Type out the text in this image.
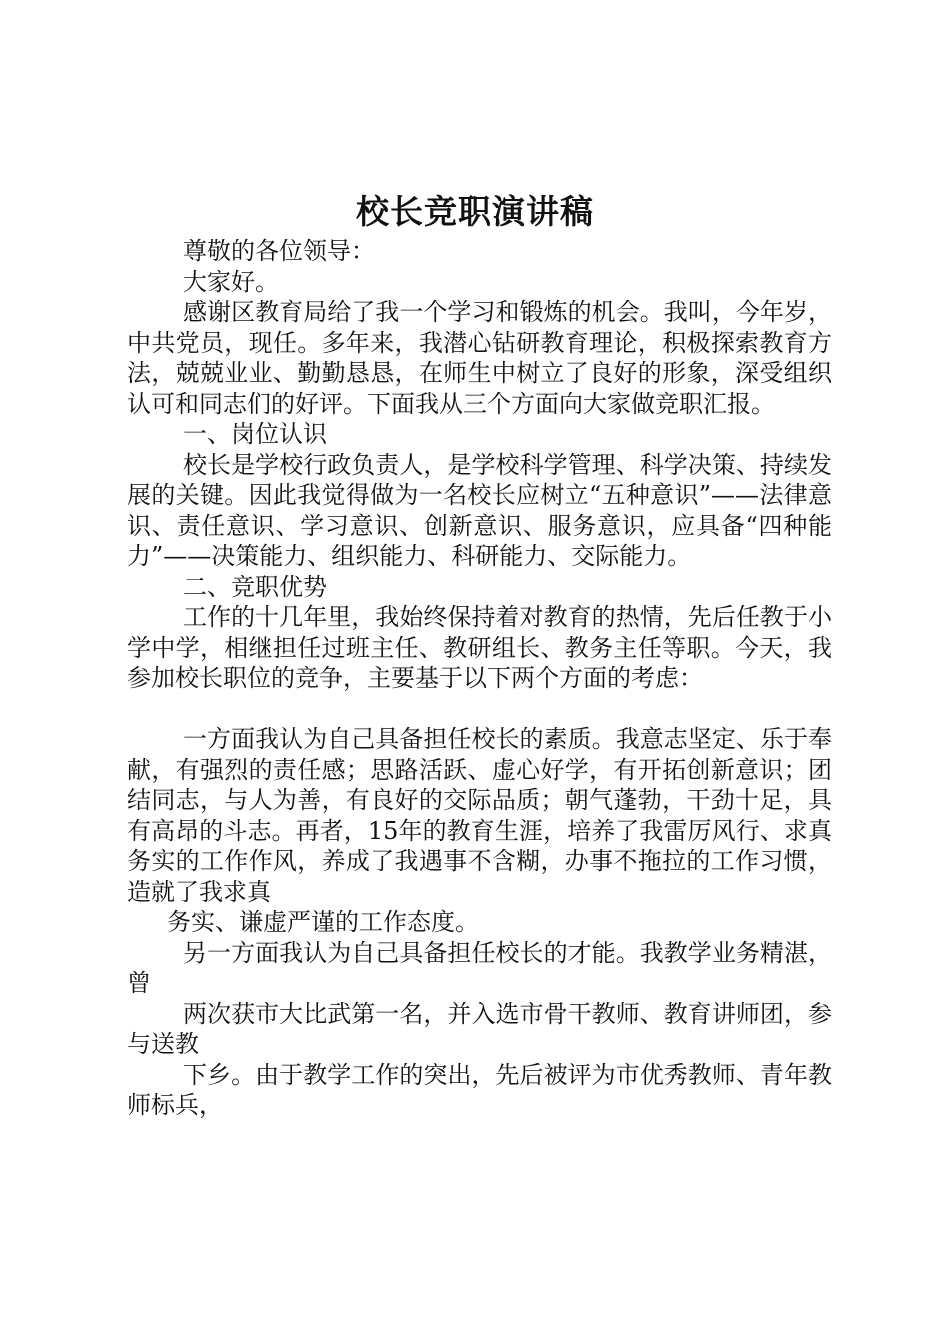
校长竞职演讲稿

尊敬的各位领导：

大家好。

感谢区教育局给了我一个学习和锻炼的机会。我叫，今年岁，中共党员，现任。多年来，我潜心钻研教育理论，积极探索教育方法，兢兢业业、勤勤恳恳，在师生中树立了良好的形象，深受组织认可和同志们的好评。下面我从三个方面向大家做竞职汇报。

一、岗位认识

校长是学校行政负责人，是学校科学管理、科学决策、持续发展的关键。因此我觉得做为一名校长应树立“五种意识”——法律意识、责任意识、学习意识、创新意识、服务意识，应具备“四种能力”——决策能力、组织能力、科研能力、交际能力。

二、竞职优势

工作的十几年里，我始终保持着对教育的热情，先后任教于小学中学，相继担任过班主任、教研组长、教务主任等职。今天，我参加校长职位的竞争，主要基于以下两个方面的考虑：

一方面我认为自己具备担任校长的素质。我意志坚定、乐于奉献，有强烈的责任感；思路活跃、虚心好学，有开拓创新意识；团结同志，与人为善，有良好的交际品质；朝气蓬勃，干劲十足，具有高昂的斗志。再者，15年的教育生涯，培养了我雷厉风行、求真务实的工作作风，养成了我遇事不含糊，办事不拖拉的工作习惯，造就了我求真

务实、谦虚严谨的工作态度。

另一方面我认为自己具备担任校长的才能。我教学业务精湛，曾

两次获市大比武第一名，并入选市骨干教师、教育讲师团，参与送教

下乡。由于教学工作的突出，先后被评为市优秀教师、青年教师标兵，
